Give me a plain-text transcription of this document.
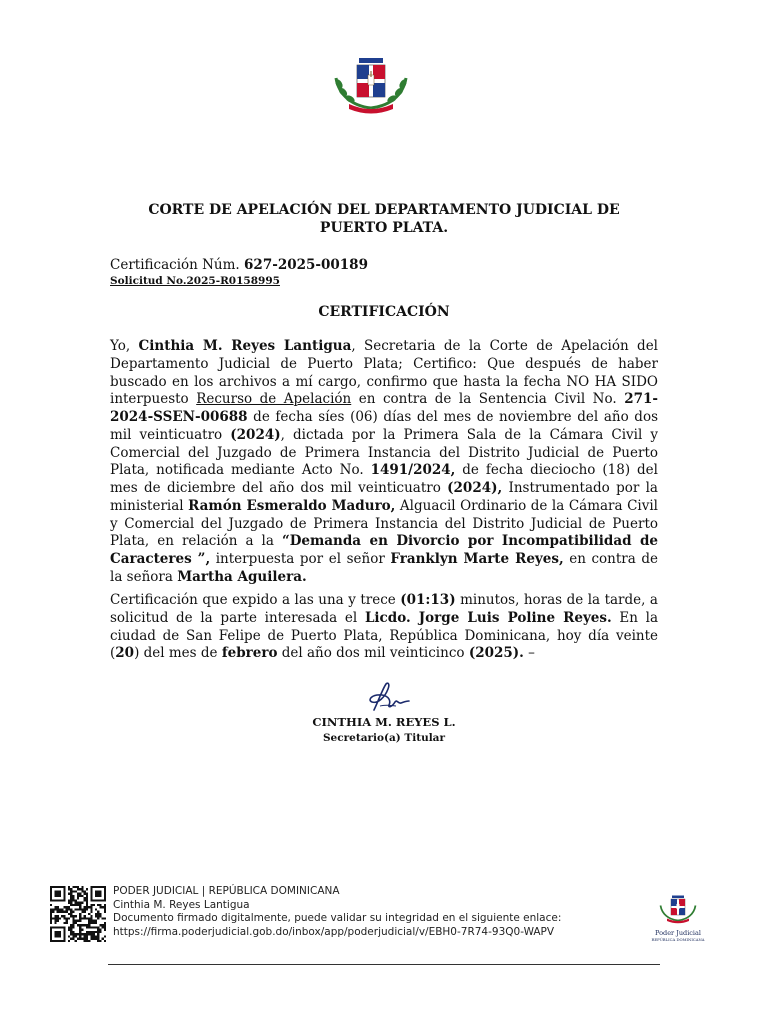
CORTE DE APELACIÓN DEL DEPARTAMENTO JUDICIAL DE
PUERTO PLATA.
Certificación Núm. 627-2025-00189
Solicitud No.2025-R0158995
CERTIFICACIÓN
Yo, Cinthia M. Reyes Lantigua, Secretaria de la Corte de Apelación del Departamento Judicial de Puerto Plata; Certifico: Que después de haber buscado en los archivos a mí cargo, confirmo que hasta la fecha NO HA SIDO interpuesto Recurso de Apelación en contra de la Sentencia Civil No. 271-2024-SSEN-00688 de fecha síes (06) días del mes de noviembre del año dos mil veinticuatro (2024), dictada por la Primera Sala de la Cámara Civil y Comercial del Juzgado de Primera Instancia del Distrito Judicial de Puerto Plata, notificada mediante Acto No. 1491/2024, de fecha dieciocho (18) del mes de diciembre del año dos mil veinticuatro (2024), Instrumentado por la ministerial Ramón Esmeraldo Maduro, Alguacil Ordinario de la Cámara Civil y Comercial del Juzgado de Primera Instancia del Distrito Judicial de Puerto Plata, en relación a la “Demanda en Divorcio por Incompatibilidad de Caracteres ”, interpuesta por el señor Franklyn Marte Reyes, en contra de la señora Martha Aguilera.
Certificación que expido a las una y trece (01:13) minutos, horas de la tarde, a solicitud de la parte interesada el Licdo. Jorge Luis Poline Reyes. En la ciudad de San Felipe de Puerto Plata, República Dominicana, hoy día veinte (20) del mes de febrero del año dos mil veinticinco (2025). –
CINTHIA M. REYES L.
Secretario(a) Titular
PODER JUDICIAL | REPÚBLICA DOMINICANA
Cinthia M. Reyes Lantigua
Documento firmado digitalmente, puede validar su integridad en el siguiente enlace:
https://firma.poderjudicial.gob.do/inbox/app/poderjudicial/v/EBH0-7R74-93Q0-WAPV	Poder Judicial
REPÚBLICA DOMINICANA
